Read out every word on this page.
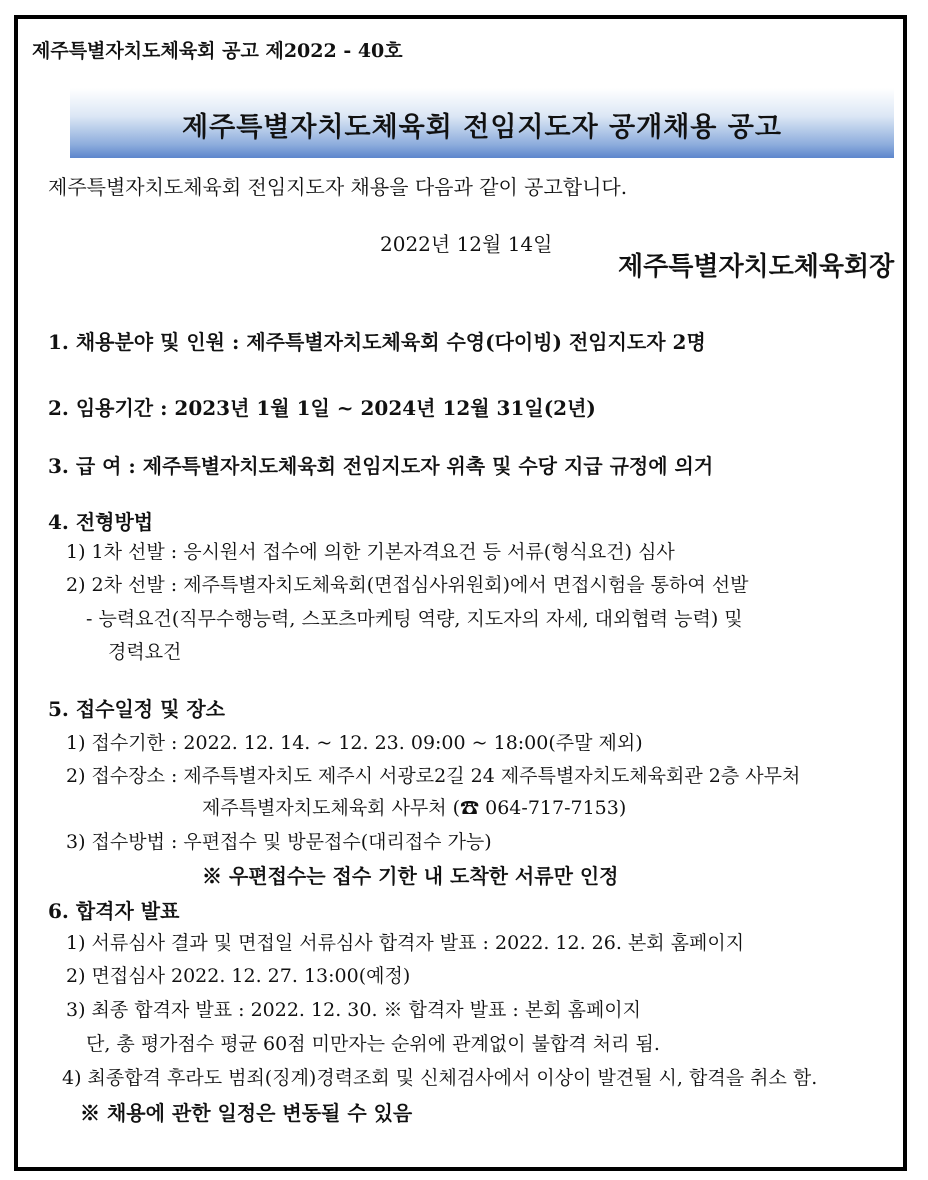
제주특별자치도체육회 공고 제2022 - 40호
제주특별자치도체육회 전임지도자 공개채용 공고
제주특별자치도체육회 전임지도자 채용을 다음과 같이 공고합니다.
2022년 12월 14일
제주특별자치도체육회장
1. 채용분야 및 인원 : 제주특별자치도체육회 수영(다이빙) 전임지도자 2명
2. 임용기간 : 2023년 1월 1일 ~ 2024년 12월 31일(2년)
3. 급 여 : 제주특별자치도체육회 전임지도자 위촉 및 수당 지급 규정에 의거
4. 전형방법
1) 1차 선발 : 응시원서 접수에 의한 기본자격요건 등 서류(형식요건) 심사
2) 2차 선발 : 제주특별자치도체육회(면접심사위원회)에서 면접시험을 통하여 선발
- 능력요건(직무수행능력, 스포츠마케팅 역량, 지도자의 자세, 대외협력 능력) 및
경력요건
5. 접수일정 및 장소
1) 접수기한 : 2022. 12. 14. ~ 12. 23. 09:00 ~ 18:00(주말 제외)
2) 접수장소 : 제주특별자치도 제주시 서광로2길 24 제주특별자치도체육회관 2층 사무처
제주특별자치도체육회 사무처 (☎ 064-717-7153)
3) 접수방법 : 우편접수 및 방문접수(대리접수 가능)
※ 우편접수는 접수 기한 내 도착한 서류만 인정
6. 합격자 발표
1) 서류심사 결과 및 면접일 서류심사 합격자 발표 : 2022. 12. 26. 본회 홈페이지
2) 면접심사 2022. 12. 27. 13:00(예정)
3) 최종 합격자 발표 : 2022. 12. 30. ※ 합격자 발표 : 본회 홈페이지
단, 총 평가점수 평균 60점 미만자는 순위에 관계없이 불합격 처리 됨.
4) 최종합격 후라도 범죄(징계)경력조회 및 신체검사에서 이상이 발견될 시, 합격을 취소 함.
※ 채용에 관한 일정은 변동될 수 있음
